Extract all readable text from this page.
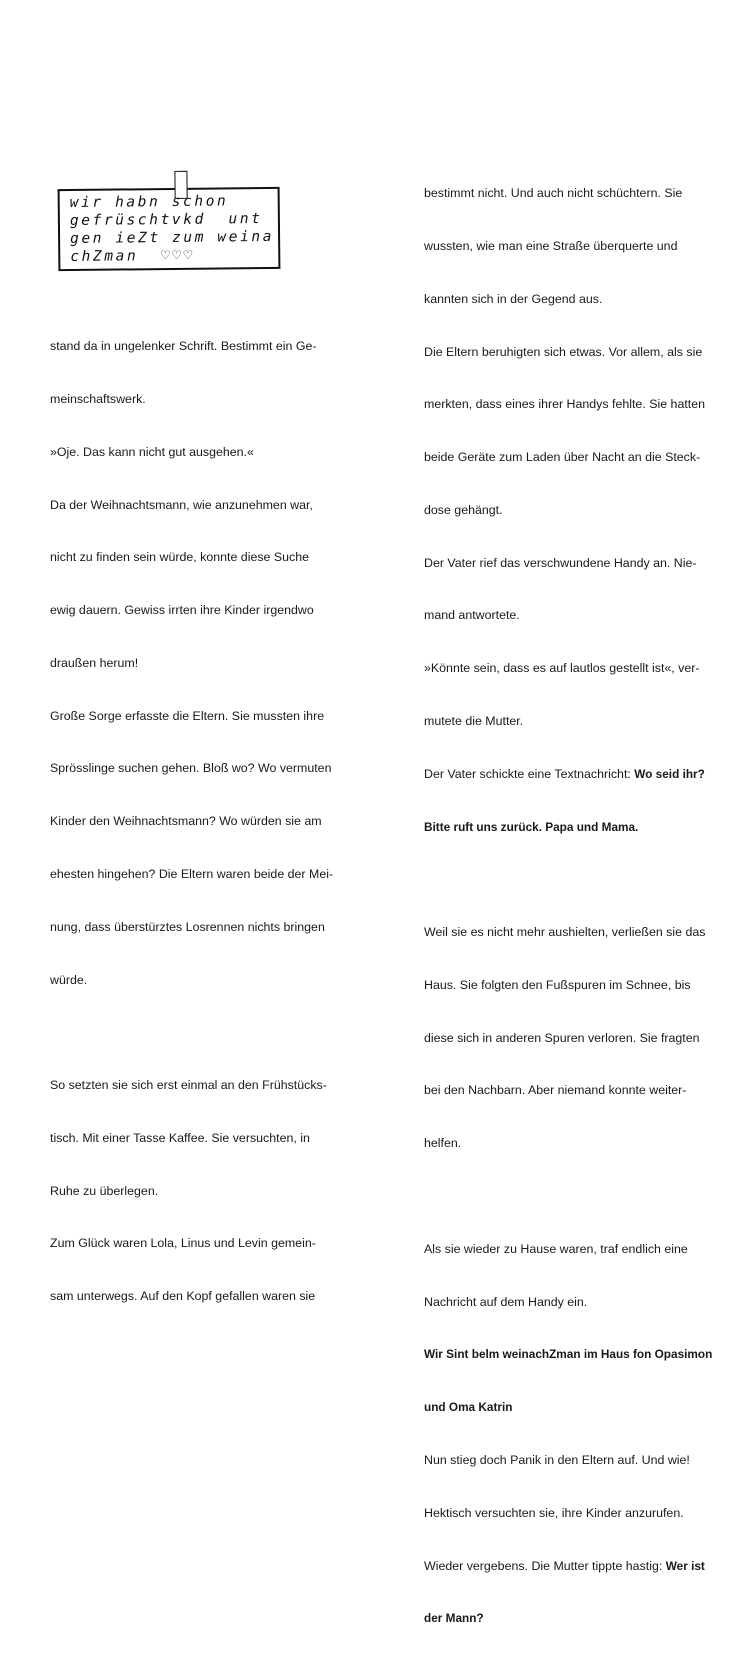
wir habn schon
gefrüschtvkd  unt
gen ieZt zum weina
chZman  ♡♡♡

stand da in ungelenker Schrift. Bestimmt ein Ge-

meinschaftswerk.

»Oje. Das kann nicht gut ausgehen.«

Da der Weihnachtsmann, wie anzunehmen war,

nicht zu finden sein würde, konnte diese Suche

ewig dauern. Gewiss irrten ihre Kinder irgendwo

draußen herum!

Große Sorge erfasste die Eltern. Sie mussten ihre

Sprösslinge suchen gehen. Bloß wo? Wo vermuten

Kinder den Weihnachtsmann? Wo würden sie am

ehesten hingehen? Die Eltern waren beide der Mei-

nung, dass überstürztes Losrennen nichts bringen

würde.

So setzten sie sich erst einmal an den Frühstücks-

tisch. Mit einer Tasse Kaffee. Sie versuchten, in

Ruhe zu überlegen.

Zum Glück waren Lola, Linus und Levin gemein-

sam unterwegs. Auf den Kopf gefallen waren sie

bestimmt nicht. Und auch nicht schüchtern. Sie

wussten, wie man eine Straße überquerte und

kannten sich in der Gegend aus.

Die Eltern beruhigten sich etwas. Vor allem, als sie

merkten, dass eines ihrer Handys fehlte. Sie hatten

beide Geräte zum Laden über Nacht an die Steck-

dose gehängt.

Der Vater rief das verschwundene Handy an. Nie-

mand antwortete.

»Könnte sein, dass es auf lautlos gestellt ist«, ver-

mutete die Mutter.

Der Vater schickte eine Textnachricht: Wo seid ihr?

Bitte ruft uns zurück. Papa und Mama.

Weil sie es nicht mehr aushielten, verließen sie das

Haus. Sie folgten den Fußspuren im Schnee, bis

diese sich in anderen Spuren verloren. Sie fragten

bei den Nachbarn. Aber niemand konnte weiter-

helfen.

Als sie wieder zu Hause waren, traf endlich eine

Nachricht auf dem Handy ein.

Wir Sint belm weinachZman im Haus fon Opasimon

und Oma Katrin

Nun stieg doch Panik in den Eltern auf. Und wie!

Hektisch versuchten sie, ihre Kinder anzurufen.

Wieder vergebens. Die Mutter tippte hastig: Wer ist

der Mann?
